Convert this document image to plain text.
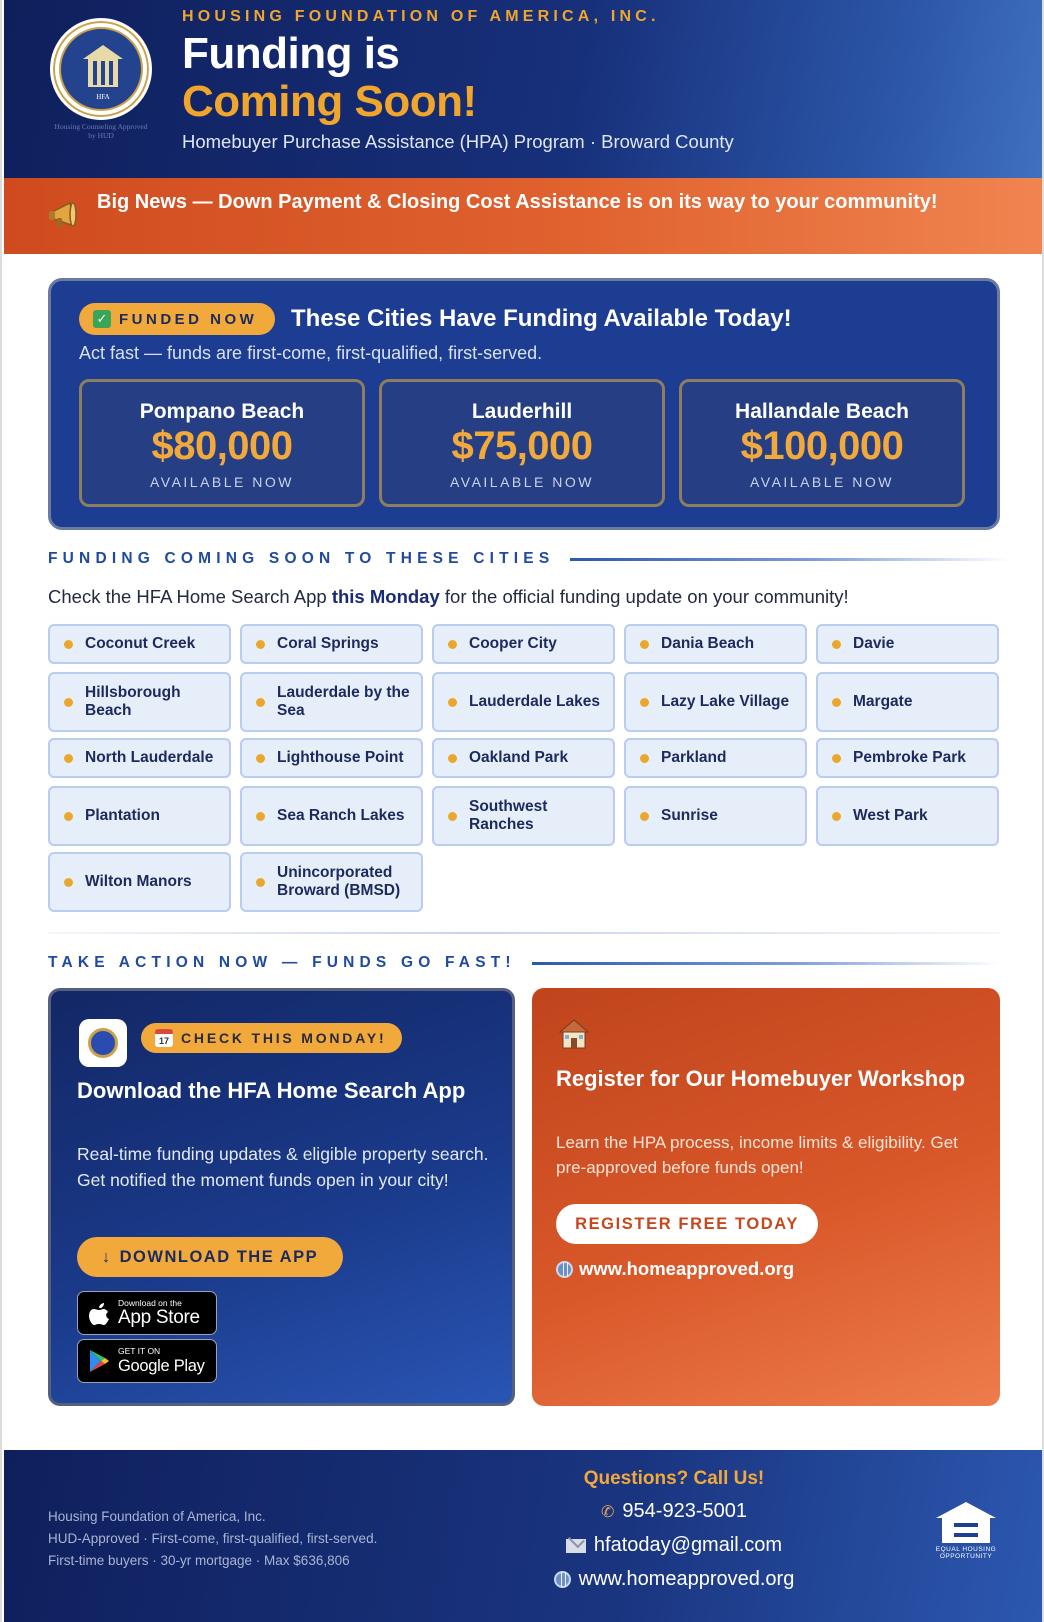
HFA
Housing Counseling Approved by HUD
HOUSING FOUNDATION OF AMERICA, INC.
Funding is
Coming Soon!
Homebuyer Purchase Assistance (HPA) Program · Broward County
Big News — Down Payment & Closing Cost Assistance is on its way to your community!
✓ FUNDED NOW These Cities Have Funding Available Today!
Act fast — funds are first-come, first-qualified, first-served.
Pompano Beach
$80,000
AVAILABLE NOW
Lauderhill
$75,000
AVAILABLE NOW
Hallandale Beach
$100,000
AVAILABLE NOW
FUNDING COMING SOON TO THESE CITIES
Check the HFA Home Search App this Monday for the official funding update on your community!
Coconut Creek	Coral Springs	Cooper City	Dania Beach	Davie
Hillsborough Beach
Lauderdale by the Sea
Lauderdale Lakes	Lazy Lake Village	Margate
North Lauderdale	Lighthouse Point	Oakland Park	Parkland	Pembroke Park
Plantation	Sea Ranch Lakes
Southwest Ranches
Sunrise	West Park
Wilton Manors
Unincorporated Broward (BMSD)
TAKE ACTION NOW — FUNDS GO FAST!
17 CHECK THIS MONDAY!
Download the HFA Home Search App
Real-time funding updates & eligible property search. Get notified the moment funds open in your city!
↓ DOWNLOAD THE APP
Download on the
App Store
GET IT ON
Google Play
Register for Our Homebuyer Workshop
Learn the HPA process, income limits & eligibility. Get pre-approved before funds open!
REGISTER FREE TODAY
www.homeapproved.org
Housing Foundation of America, Inc.
HUD-Approved · First-come, first-qualified, first-served.
First-time buyers · 30-yr mortgage · Max $636,806
Questions? Call Us!
✆ 954-923-5001
hfatoday@gmail.com
www.homeapproved.org
EQUAL HOUSING OPPORTUNITY
